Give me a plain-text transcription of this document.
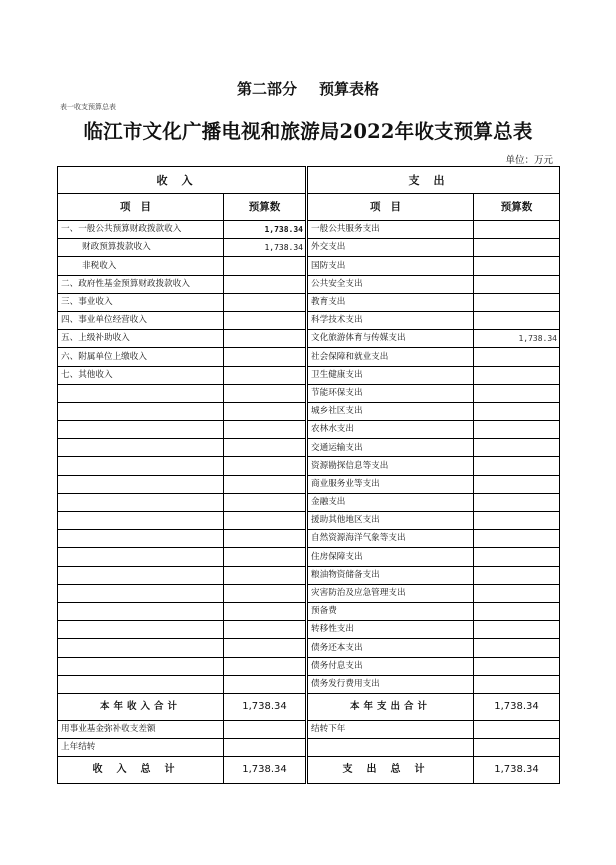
第二部分 预算表格
表一收支预算总表
临江市文化广播电视和旅游局2022年收支预算总表
单位：万元
收入			支出	
项目	预算数		项目	预算数
一、一般公共预算财政拨款收入	1,738.34		一般公共服务支出	
财政预算拨款收入	1,738.34		外交支出	
非税收入			国防支出	
二、政府性基金预算财政拨款收入			公共安全支出	
三、事业收入			教育支出	
四、事业单位经营收入			科学技术支出	
五、上级补助收入			文化旅游体育与传媒支出	1,738.34
六、附属单位上缴收入			社会保障和就业支出	
七、其他收入			卫生健康支出	
			节能环保支出	
			城乡社区支出	
			农林水支出	
			交通运输支出	
			资源勘探信息等支出	
			商业服务业等支出	
			金融支出	
			援助其他地区支出	
			自然资源海洋气象等支出	
			住房保障支出	
			粮油物资储备支出	
			灾害防治及应急管理支出	
			预备费	
			转移性支出	
			债务还本支出	
			债务付息支出	
			债务发行费用支出	
本年收入合计	1,738.34		本年支出合计	1,738.34
用事业基金弥补收支差额			结转下年	
上年结转				
收入总计	1,738.34		支出总计	1,738.34
